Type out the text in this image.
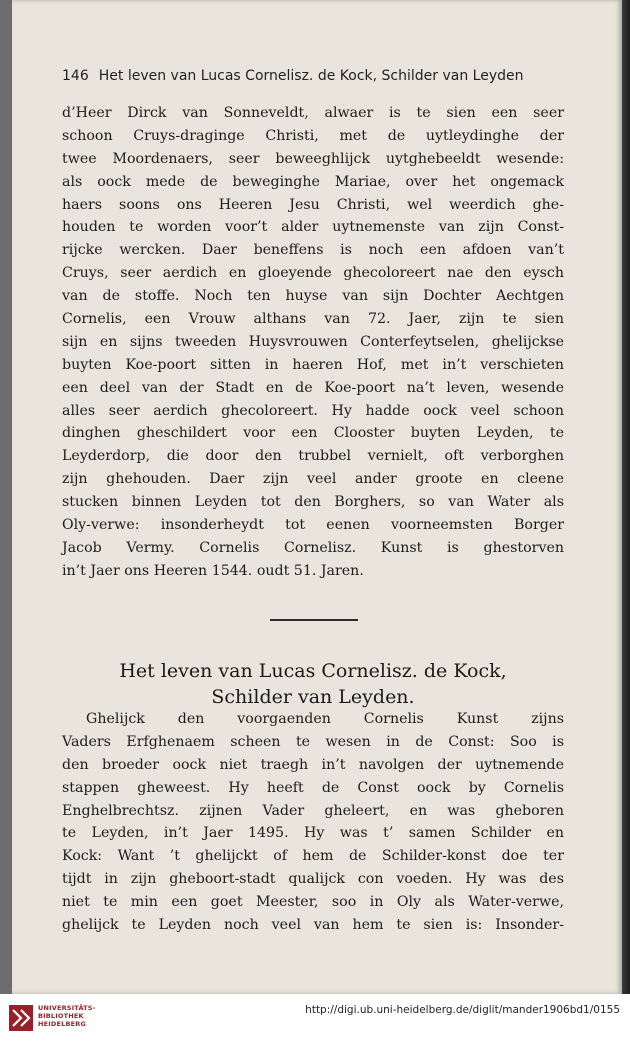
146 Het leven van Lucas Cornelisz. de Kock, Schilder van Leyden
d’Heer Dirck van Sonneveldt, alwaer is te sien een seer
schoon Cruys-draginge Christi, met de uytleydinghe der
twee Moordenaers, seer beweeghlijck uytghebeeldt wesende:
als oock mede de beweginghe Mariae, over het ongemack
haers soons ons Heeren Jesu Christi, wel weerdich ghe-
houden te worden voor’t alder uytnemenste van zijn Const-
rijcke wercken. Daer beneffens is noch een afdoen van’t
Cruys, seer aerdich en gloeyende ghecoloreert nae den eysch
van de stoffe. Noch ten huyse van sijn Dochter Aechtgen
Cornelis, een Vrouw althans van 72. Jaer, zijn te sien
sijn en sijns tweeden Huysvrouwen Conterfeytselen, ghelijckse
buyten Koe-poort sitten in haeren Hof, met in’t verschieten
een deel van der Stadt en de Koe-poort na’t leven, wesende
alles seer aerdich ghecoloreert. Hy hadde oock veel schoon
dinghen gheschildert voor een Clooster buyten Leyden, te
Leyderdorp, die door den trubbel vernielt, oft verborghen
zijn ghehouden. Daer zijn veel ander groote en cleene
stucken binnen Leyden tot den Borghers, so van Water als
Oly-verwe: insonderheydt tot eenen voorneemsten Borger
Jacob Vermy. Cornelis Cornelisz. Kunst is ghestorven
in’t Jaer ons Heeren 1544. oudt 51. Jaren.
Het leven van Lucas Cornelisz. de Kock,
Schilder van Leyden.
Ghelijck den voorgaenden Cornelis Kunst zijns
Vaders Erfghenaem scheen te wesen in de Const: Soo is
den broeder oock niet traegh in’t navolgen der uytnemende
stappen gheweest. Hy heeft de Const oock by Cornelis
Enghelbrechtsz. zijnen Vader gheleert, en was gheboren
te Leyden, in’t Jaer 1495. Hy was t’ samen Schilder en
Kock: Want ’t ghelijckt of hem de Schilder-konst doe ter
tijdt in zijn gheboort-stadt qualijck con voeden. Hy was des
niet te min een goet Meester, soo in Oly als Water-verwe,
ghelijck te Leyden noch veel van hem te sien is: Insonder-
UNIVERSITÄTS-
BIBLIOTHEK
HEIDELBERG
http://digi.ub.uni-heidelberg.de/diglit/mander1906bd1/0155
